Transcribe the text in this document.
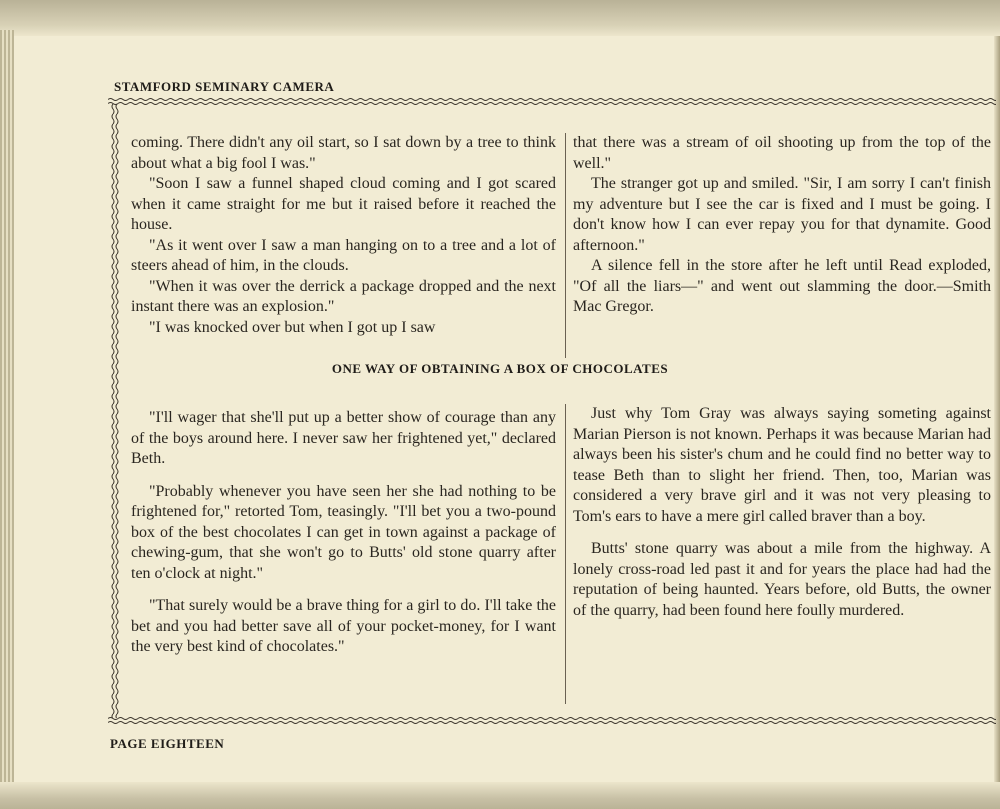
STAMFORD SEMINARY CAMERA

coming. There didn't any oil start, so I sat down by a tree to think about what a big fool I was."

"Soon I saw a funnel shaped cloud coming and I got scared when it came straight for me but it raised before it reached the house.

"As it went over I saw a man hanging on to a tree and a lot of steers ahead of him, in the clouds.

"When it was over the derrick a package dropped and the next instant there was an explosion."

"I was knocked over but when I got up I saw

that there was a stream of oil shooting up from the top of the well."

The stranger got up and smiled. "Sir, I am sorry I can't finish my adventure but I see the car is fixed and I must be going. I don't know how I can ever repay you for that dynamite. Good afternoon."

A silence fell in the store after he left until Read exploded, "Of all the liars—" and went out slamming the door.—Smith Mac Gregor.

ONE WAY OF OBTAINING A BOX OF CHOCOLATES

"I'll wager that she'll put up a better show of courage than any of the boys around here. I never saw her frightened yet," declared Beth.

"Probably whenever you have seen her she had nothing to be frightened for," retorted Tom, teasingly. "I'll bet you a two-pound box of the best chocolates I can get in town against a package of chewing-gum, that she won't go to Butts' old stone quarry after ten o'clock at night."

"That surely would be a brave thing for a girl to do. I'll take the bet and you had better save all of your pocket-money, for I want the very best kind of chocolates."

Just why Tom Gray was always saying someting against Marian Pierson is not known. Perhaps it was because Marian had always been his sister's chum and he could find no better way to tease Beth than to slight her friend. Then, too, Marian was considered a very brave girl and it was not very pleasing to Tom's ears to have a mere girl called braver than a boy.

Butts' stone quarry was about a mile from the highway. A lonely cross-road led past it and for years the place had had the reputation of being haunted. Years before, old Butts, the owner of the quarry, had been found here foully murdered.

PAGE EIGHTEEN
